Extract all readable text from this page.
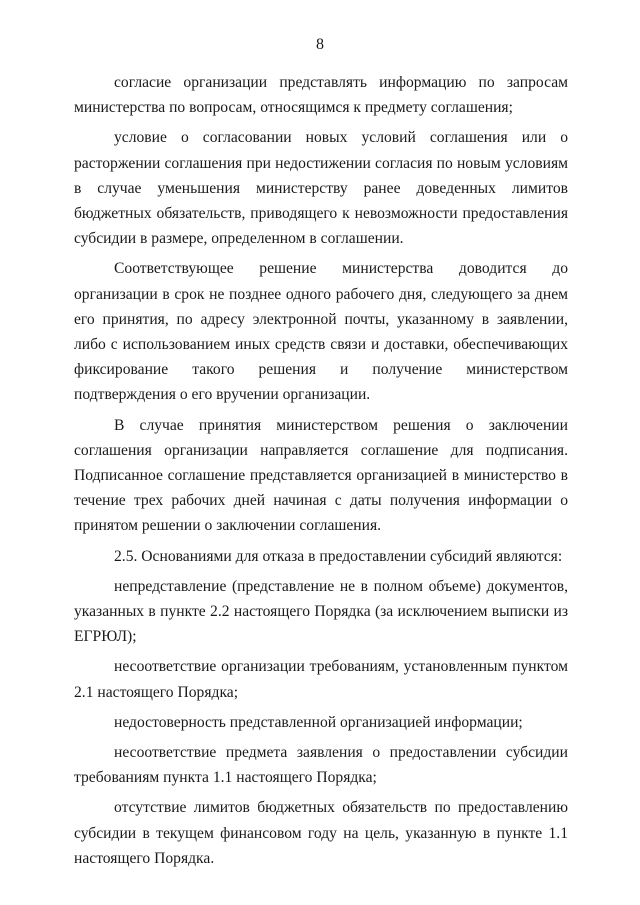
8

согласие организации представлять информацию по запросам министерства по вопросам, относящимся к предмету соглашения;

условие о согласовании новых условий соглашения или о расторжении соглашения при недостижении согласия по новым условиям в случае уменьшения министерству ранее доведенных лимитов бюджетных обязательств, приводящего к невозможности предоставления субсидии в размере, определенном в соглашении.

Соответствующее решение министерства доводится до организации в срок не позднее одного рабочего дня, следующего за днем его принятия, по адресу электронной почты, указанному в заявлении, либо с использованием иных средств связи и доставки, обеспечивающих фиксирование такого решения и получение министерством подтверждения о его вручении организации.

В случае принятия министерством решения о заключении соглашения организации направляется соглашение для подписания. Подписанное соглашение представляется организацией в министерство в течение трех рабочих дней начиная с даты получения информации о принятом решении о заключении соглашения.

2.5. Основаниями для отказа в предоставлении субсидий являются:

непредставление (представление не в полном объеме) документов, указанных в пункте 2.2 настоящего Порядка (за исключением выписки из ЕГРЮЛ);

несоответствие организации требованиям, установленным пунктом 2.1 настоящего Порядка;

недостоверность представленной организацией информации;

несоответствие предмета заявления о предоставлении субсидии требованиям пункта 1.1 настоящего Порядка;

отсутствие лимитов бюджетных обязательств по предоставлению субсидии в текущем финансовом году на цель, указанную в пункте 1.1 настоящего Порядка.
